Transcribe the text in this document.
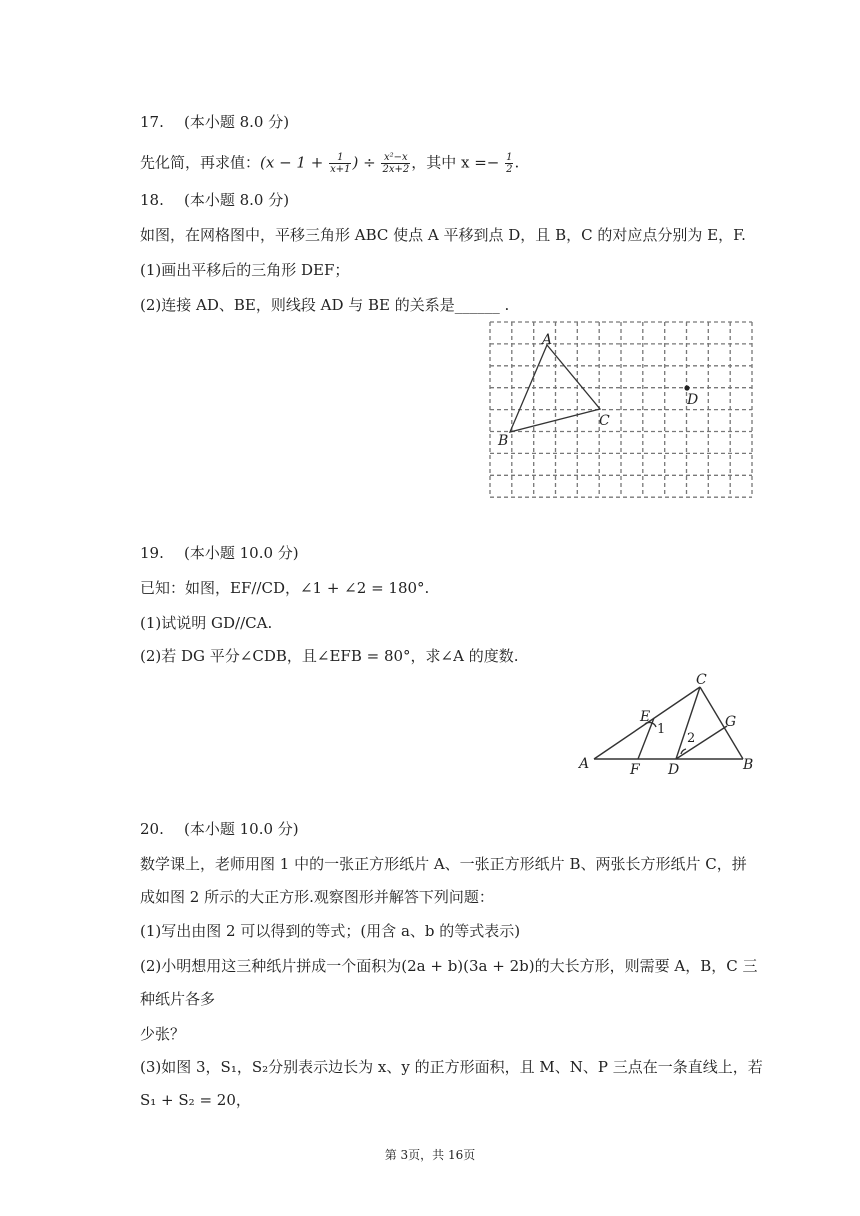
17. (本小题 8.0 分)
先化简，再求值：($x - 1 + \frac{1}{x+1}$ ) ÷ $\frac{\text{x²−x}}{2x+2}$ ，其中 $x =- \frac{1}{2}$ .
18. (本小题 8.0 分)
如图，在网格图中，平移三角形 ABC 使点 A 平移到点 D，且 B，C 的对应点分别为 E，F.
(1)画出平移后的三角形 DEF；
(2)连接 AD、BE，则线段 AD 与 BE 的关系是______ .
A
B
C
D
19. (本小题 10.0 分)
已知：如图，EF//CD，∠1 + ∠2 = 180°.
(1)试说明 GD//CA.
(2)若 DG 平分∠CDB，且∠EFB = 80°，求∠A 的度数.
A	B
C
D
E
F
G
1
2
20. (本小题 10.0 分)
数学课上，老师用图 1 中的一张正方形纸片 A、一张正方形纸片 B、两张长方形纸片 C，拼
成如图 2 所示的大正方形.观察图形并解答下列问题：
(1)写出由图 2 可以得到的等式；(用含 a、b 的等式表示)
(2)小明想用这三种纸片拼成一个面积为(2a + b)(3a + 2b)的大长方形，则需要 A，B，C 三
种纸片各多
少张？
(3)如图 3，S₁，S₂分别表示边长为 x、y 的正方形面积，且 M、N、P 三点在一条直线上，若
S₁ + S₂ = 20，
第 3页，共 16页
